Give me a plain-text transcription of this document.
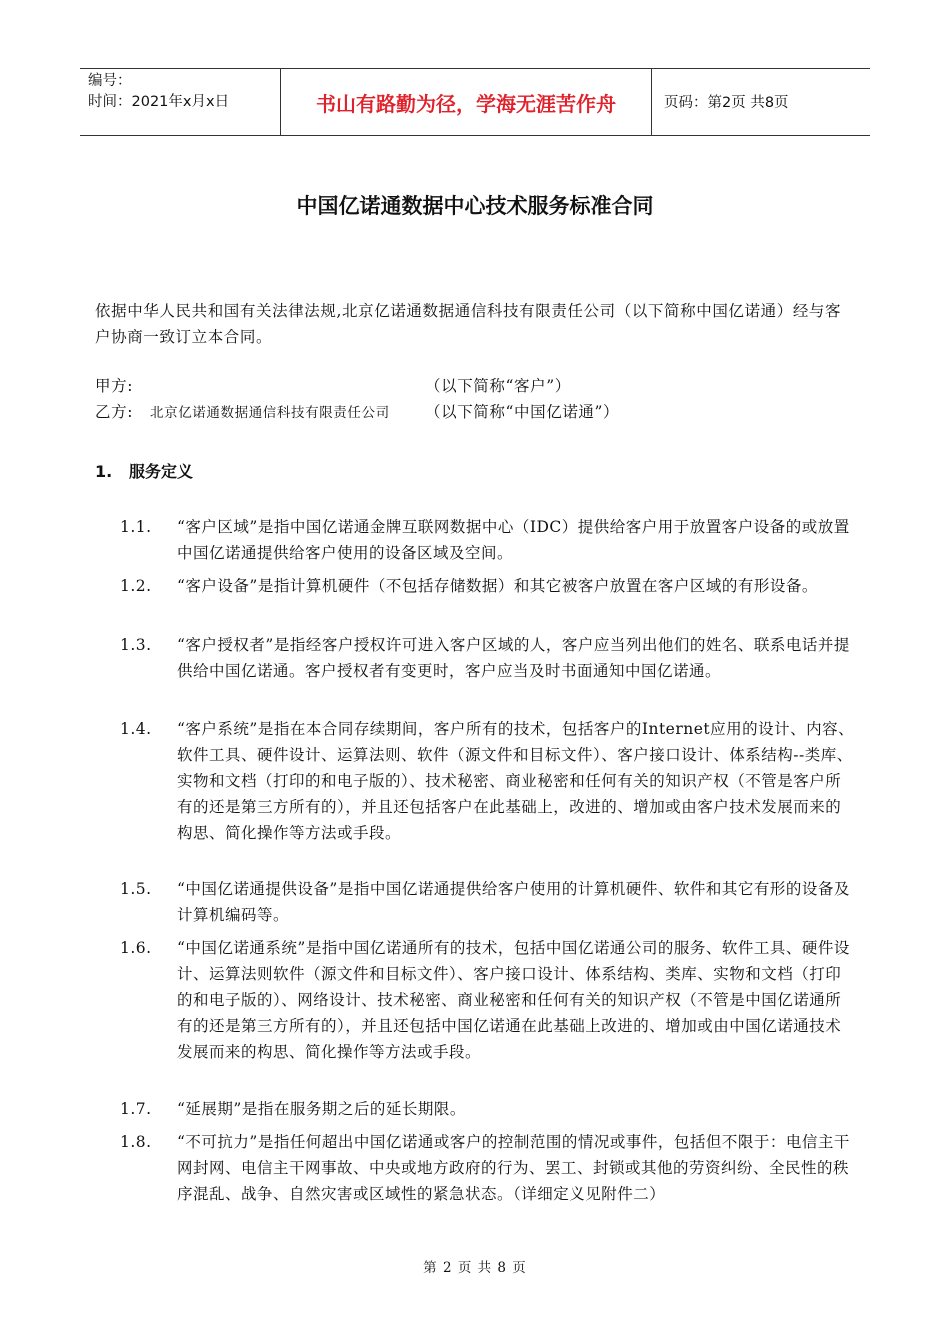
编号：
时间：2021年x月x日	书山有路勤为径，学海无涯苦作舟	页码：第2页 共8页
中国亿诺通数据中心技术服务标准合同
依据中华人民共和国有关法律法规,北京亿诺通数据通信科技有限责任公司（以下简称中国亿诺通）经与客户协商一致订立本合同。
甲方:	（以下简称“客户”）
乙方: 北京亿诺通数据通信科技有限责任公司 （以下简称“中国亿诺通”）
1. 服务定义
1.1.	“客户区域”是指中国亿诺通金牌互联网数据中心（IDC）提供给客户用于放置客户设备的或放置中国亿诺通提供给客户使用的设备区域及空间。
1.2.	“客户设备”是指计算机硬件（不包括存储数据）和其它被客户放置在客户区域的有形设备。
1.3.	“客户授权者”是指经客户授权许可进入客户区域的人，客户应当列出他们的姓名、联系电话并提供给中国亿诺通。客户授权者有变更时，客户应当及时书面通知中国亿诺通。
1.4.	“客户系统”是指在本合同存续期间，客户所有的技术，包括客户的Internet应用的设计、内容、软件工具、硬件设计、运算法则、软件（源文件和目标文件）、客户接口设计、体系结构--类库、实物和文档（打印的和电子版的）、技术秘密、商业秘密和任何有关的知识产权（不管是客户所有的还是第三方所有的），并且还包括客户在此基础上，改进的、增加或由客户技术发展而来的构思、简化操作等方法或手段。
1.5.	“中国亿诺通提供设备”是指中国亿诺通提供给客户使用的计算机硬件、软件和其它有形的设备及计算机编码等。
1.6.	“中国亿诺通系统”是指中国亿诺通所有的技术，包括中国亿诺通公司的服务、软件工具、硬件设计、运算法则软件（源文件和目标文件）、客户接口设计、体系结构、类库、实物和文档（打印的和电子版的）、网络设计、技术秘密、商业秘密和任何有关的知识产权（不管是中国亿诺通所有的还是第三方所有的），并且还包括中国亿诺通在此基础上改进的、增加或由中国亿诺通技术发展而来的构思、简化操作等方法或手段。
1.7.	“延展期”是指在服务期之后的延长期限。
1.8.	“不可抗力”是指任何超出中国亿诺通或客户的控制范围的情况或事件，包括但不限于：电信主干网封网、电信主干网事故、中央或地方政府的行为、罢工、封锁或其他的劳资纠纷、全民性的秩序混乱、战争、自然灾害或区域性的紧急状态。（详细定义见附件二）
第 2 页 共 8 页
